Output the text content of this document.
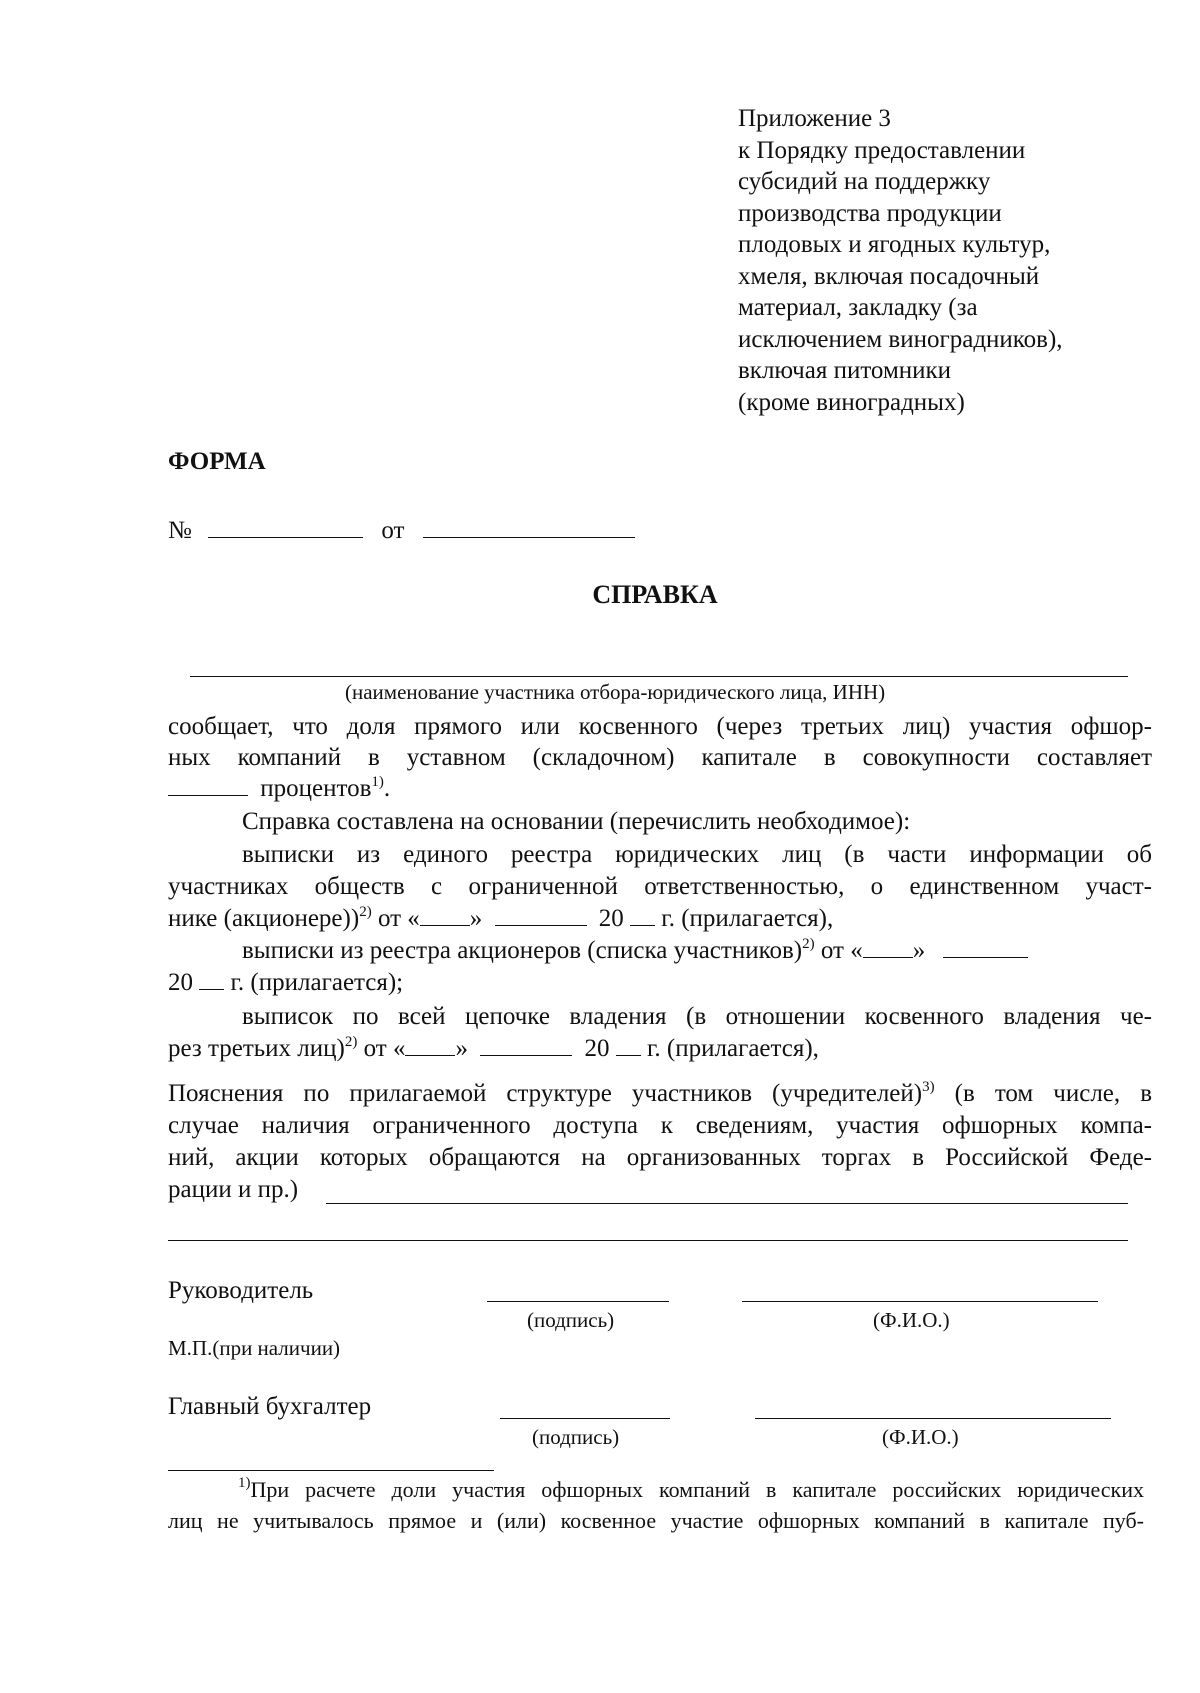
Приложение 3
к Порядку предоставлении
субсидий на поддержку
производства продукции
плодовых и ягодных культур,
хмеля, включая посадочный
материал, закладку (за
исключением виноградников),
включая питомники
(кроме виноградных)
ФОРМА
№	от
СПРАВКА
(наименование участника отбора-юридического лица, ИНН)
сообщает, что доля прямого или косвенного (через третьих лиц) участия офшор-
ных компаний в уставном (складочном) капитале в совокупности составляет
процентов$^{1)}$.
Справка составлена на основании (перечислить необходимое):
выписки из единого реестра юридических лиц (в части информации об
участниках обществ с ограниченной ответственностью, о единственном участ-
нике (акционере))$^{2)}$ от « »	20 г. (прилагается),
выписки из реестра акционеров (списка участников)$^{2)}$ от « »
20 г. (прилагается);
выписок по всей цепочке владения (в отношении косвенного владения че-
рез третьих лиц)$^{2)}$ от « »	20 г. (прилагается),
Пояснения по прилагаемой структуре участников (учредителей)$^{3)}$ (в том числе, в
случае наличия ограниченного доступа к сведениям, участия офшорных компа-
ний, акции которых обращаются на организованных торгах в Российской Феде-
рации и пр.)
Руководитель
(подпись)	(Ф.И.О.)
М.П.(при наличии)
Главный бухгалтер
(подпись)	(Ф.И.О.)
$^{1)}$При расчете доли участия офшорных компаний в капитале российских юридических
лиц не учитывалось прямое и (или) косвенное участие офшорных компаний в капитале пуб-
